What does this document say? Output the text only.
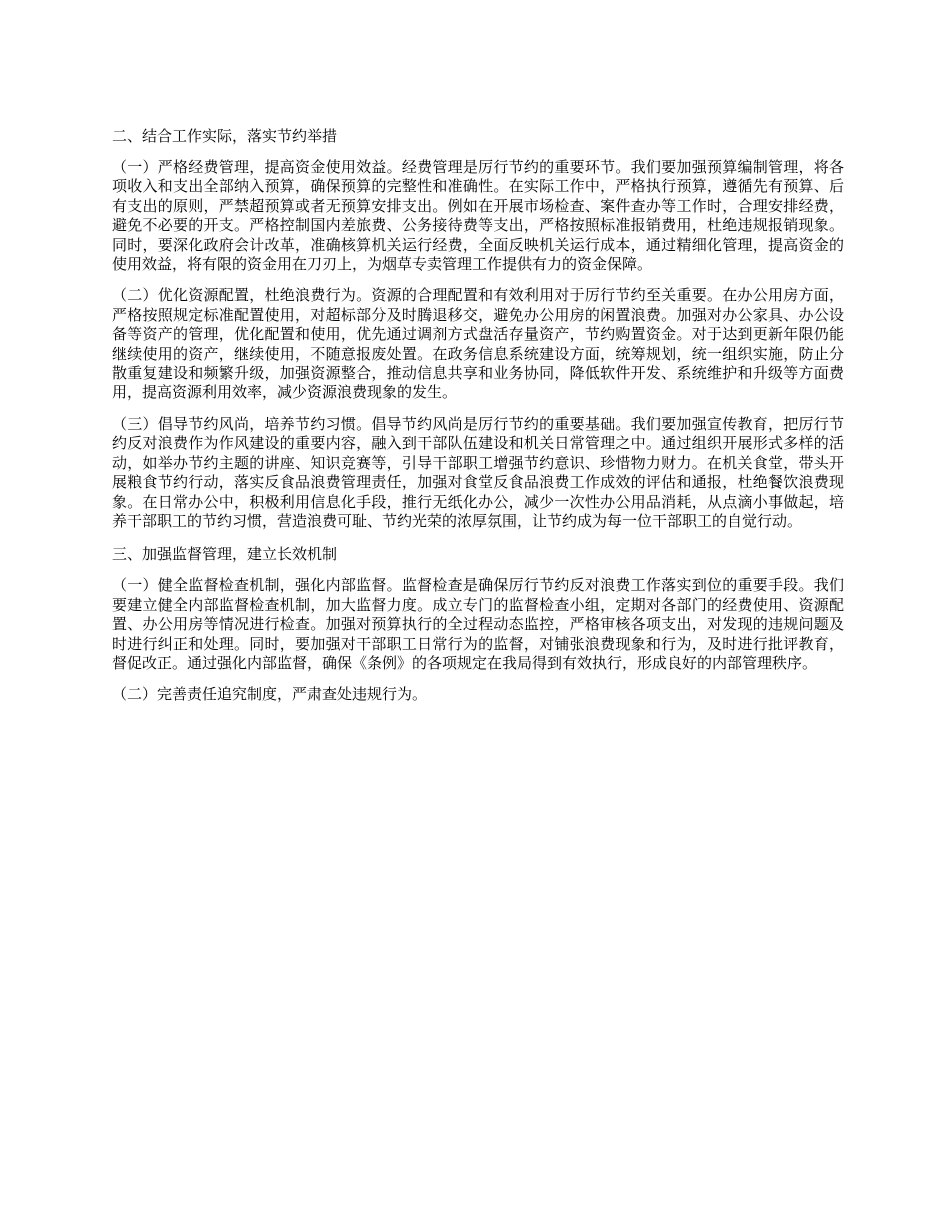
二、结合工作实际，落实节约举措
（一）严格经费管理，提高资金使用效益。经费管理是厉行节约的重要环节。我们要加强预算编制管理，将各项收入和支出全部纳入预算，确保预算的完整性和准确性。在实际工作中，严格执行预算，遵循先有预算、后有支出的原则，严禁超预算或者无预算安排支出。例如在开展市场检查、案件查办等工作时，合理安排经费，避免不必要的开支。严格控制国内差旅费、公务接待费等支出，严格按照标准报销费用，杜绝违规报销现象。同时，要深化政府会计改革，准确核算机关运行经费，全面反映机关运行成本，通过精细化管理，提高资金的使用效益，将有限的资金用在刀刃上，为烟草专卖管理工作提供有力的资金保障。
（二）优化资源配置，杜绝浪费行为。资源的合理配置和有效利用对于厉行节约至关重要。在办公用房方面，严格按照规定标准配置使用，对超标部分及时腾退移交，避免办公用房的闲置浪费。加强对办公家具、办公设备等资产的管理，优化配置和使用，优先通过调剂方式盘活存量资产，节约购置资金。对于达到更新年限仍能继续使用的资产，继续使用，不随意报废处置。在政务信息系统建设方面，统筹规划，统一组织实施，防止分散重复建设和频繁升级，加强资源整合，推动信息共享和业务协同，降低软件开发、系统维护和升级等方面费用，提高资源利用效率，减少资源浪费现象的发生。
（三）倡导节约风尚，培养节约习惯。倡导节约风尚是厉行节约的重要基础。我们要加强宣传教育，把厉行节约反对浪费作为作风建设的重要内容，融入到干部队伍建设和机关日常管理之中。通过组织开展形式多样的活动，如举办节约主题的讲座、知识竞赛等，引导干部职工增强节约意识、珍惜物力财力。在机关食堂，带头开展粮食节约行动，落实反食品浪费管理责任，加强对食堂反食品浪费工作成效的评估和通报，杜绝餐饮浪费现象。在日常办公中，积极利用信息化手段，推行无纸化办公，减少一次性办公用品消耗，从点滴小事做起，培养干部职工的节约习惯，营造浪费可耻、节约光荣的浓厚氛围，让节约成为每一位干部职工的自觉行动。
三、加强监督管理，建立长效机制
（一）健全监督检查机制，强化内部监督。监督检查是确保厉行节约反对浪费工作落实到位的重要手段。我们要建立健全内部监督检查机制，加大监督力度。成立专门的监督检查小组，定期对各部门的经费使用、资源配置、办公用房等情况进行检查。加强对预算执行的全过程动态监控，严格审核各项支出，对发现的违规问题及时进行纠正和处理。同时，要加强对干部职工日常行为的监督，对铺张浪费现象和行为，及时进行批评教育，督促改正。通过强化内部监督，确保《条例》的各项规定在我局得到有效执行，形成良好的内部管理秩序。
（二）完善责任追究制度，严肃查处违规行为。
